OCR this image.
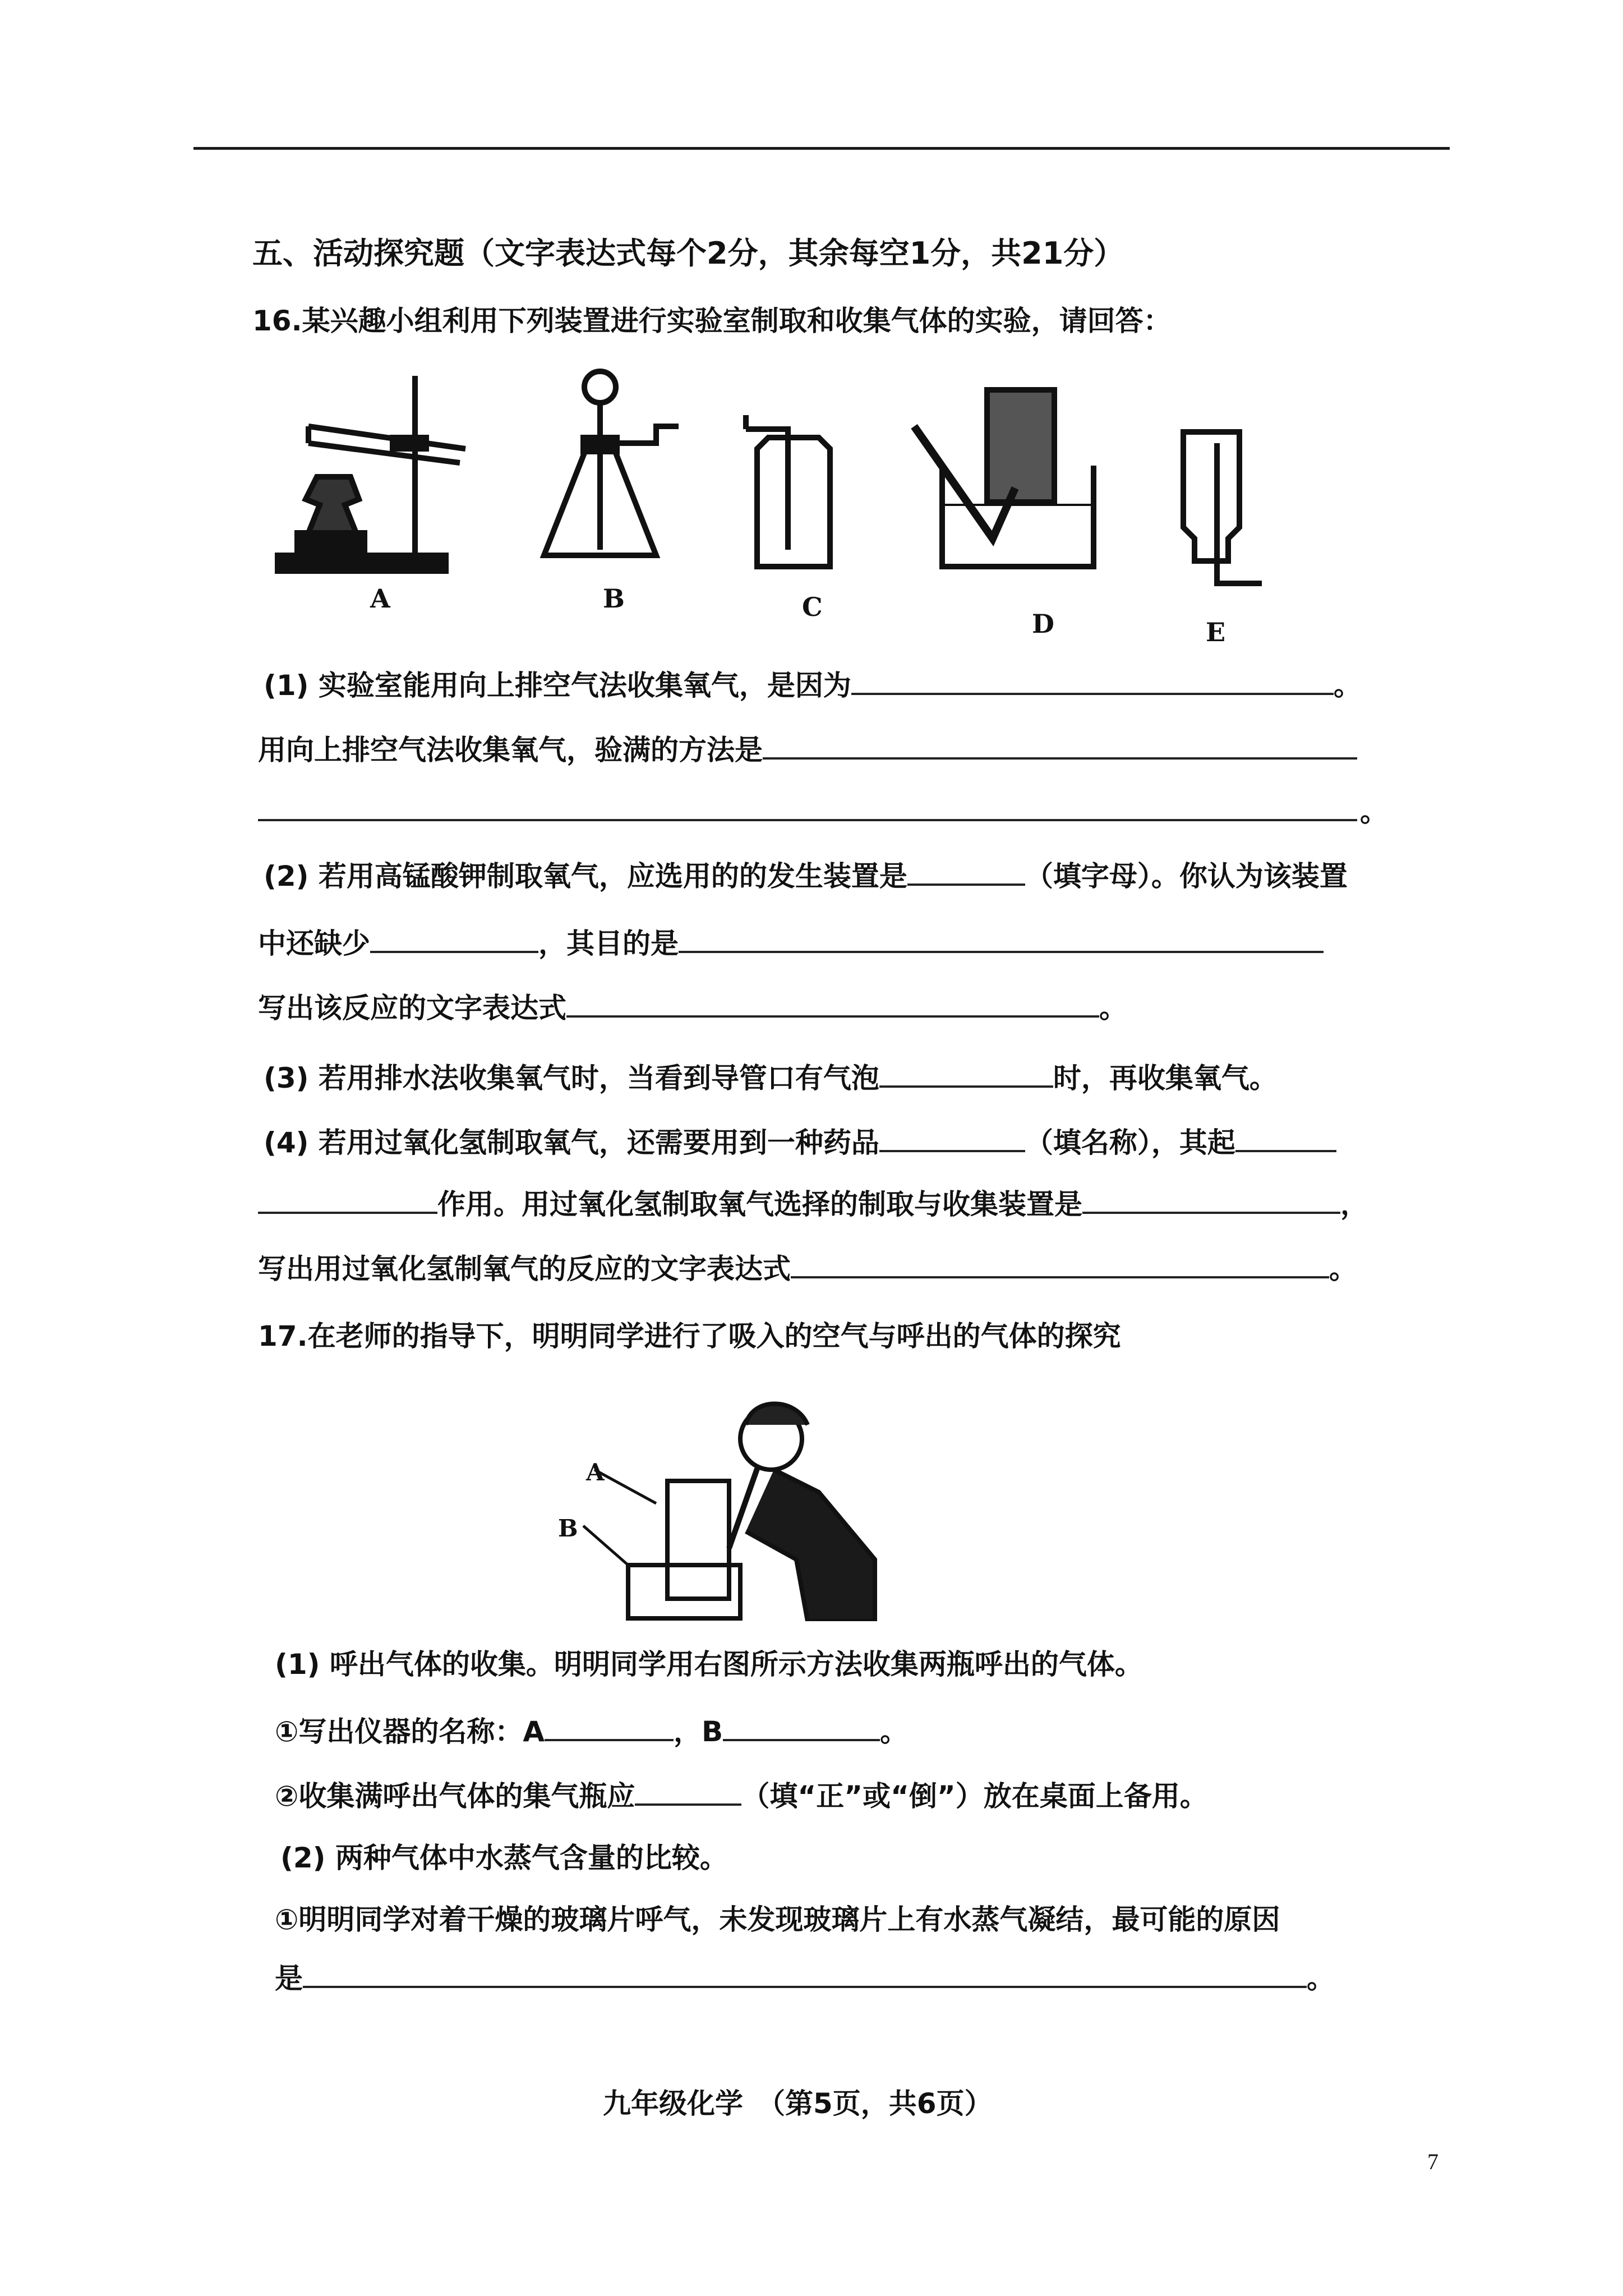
五、活动探究题（文字表达式每个2分，其余每空1分，共21分）
16.某兴趣小组利用下列装置进行实验室制取和收集气体的实验，请回答：
A	B	C
D	E
(1) 实验室能用向上排空气法收集氧气，是因为	。
用向上排空气法收集氧气，验满的方法是
。
(2) 若用高锰酸钾制取氧气，应选用的的发生装置是	（填字母）。你认为该装置
中还缺少	，其目的是
写出该反应的文字表达式	。
(3) 若用排水法收集氧气时，当看到导管口有气泡	时，再收集氧气。
(4) 若用过氧化氢制取氧气，还需要用到一种药品	（填名称），其起
作用。用过氧化氢制取氧气选择的制取与收集装置是	，
写出用过氧化氢制氧气的反应的文字表达式	。
17.在老师的指导下，明明同学进行了吸入的空气与呼出的气体的探究
A
B
(1) 呼出气体的收集。明明同学用右图所示方法收集两瓶呼出的气体。
①写出仪器的名称：A	，B	。
②收集满呼出气体的集气瓶应	（填“正”或“倒”）放在桌面上备用。
(2) 两种气体中水蒸气含量的比较。
①明明同学对着干燥的玻璃片呼气，未发现玻璃片上有水蒸气凝结，最可能的原因
是	。
九年级化学　（第5页，共6页）
7
